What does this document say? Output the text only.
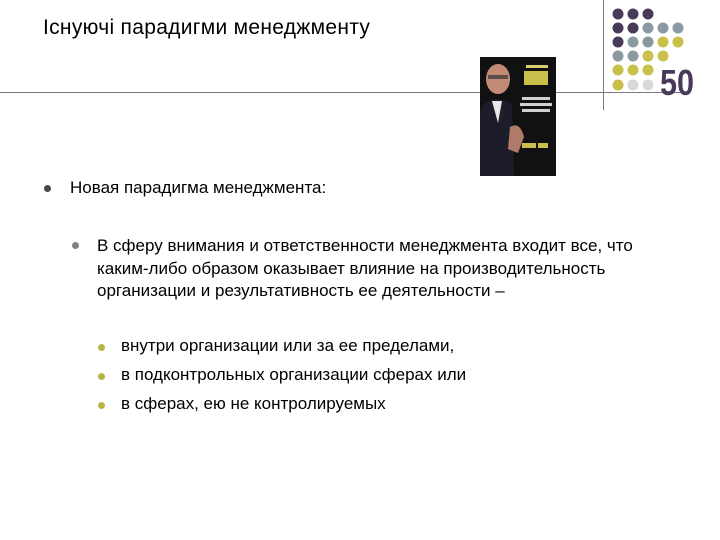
Існуючі парадигми менеджменту
50
Новая парадигма менеджмента:
В сферу внимания и ответственности менеджмента входит все, что каким-либо образом оказывает влияние на производительность организации и результативность ее деятельности –
внутри организации или за ее пределами,
в подконтрольных организации сферах или
в сферах, ею не контролируемых
